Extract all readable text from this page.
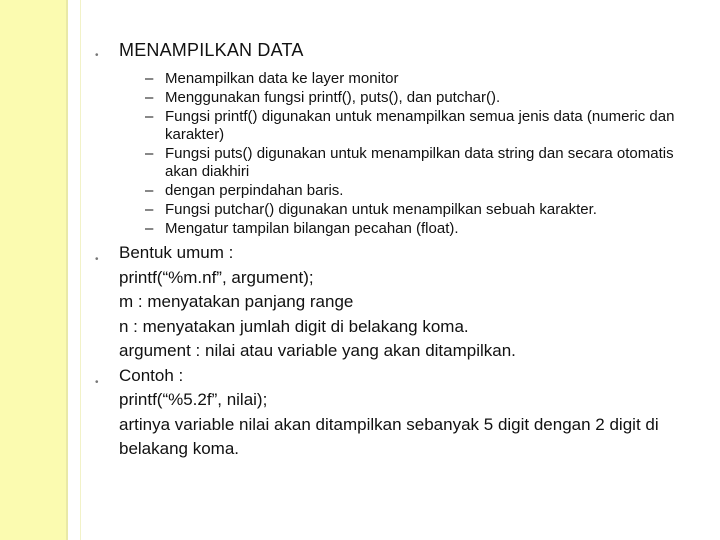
• MENAMPILKAN DATA
– Menampilkan data ke layer monitor
– Menggunakan fungsi printf(), puts(), dan putchar().
– Fungsi printf() digunakan untuk menampilkan semua jenis data (numeric dan karakter)
– Fungsi puts() digunakan untuk menampilkan data string dan secara otomatis akan diakhiri
– dengan perpindahan baris.
– Fungsi putchar() digunakan untuk menampilkan sebuah karakter.
– Mengatur tampilan bilangan pecahan (float).
• Bentuk umum :
printf(“%m.nf”, argument);
m : menyatakan panjang range
n : menyatakan jumlah digit di belakang koma.
argument : nilai atau variable yang akan ditampilkan.
• Contoh :
printf(“%5.2f”, nilai);
artinya variable nilai akan ditampilkan sebanyak 5 digit dengan 2 digit di belakang koma.
